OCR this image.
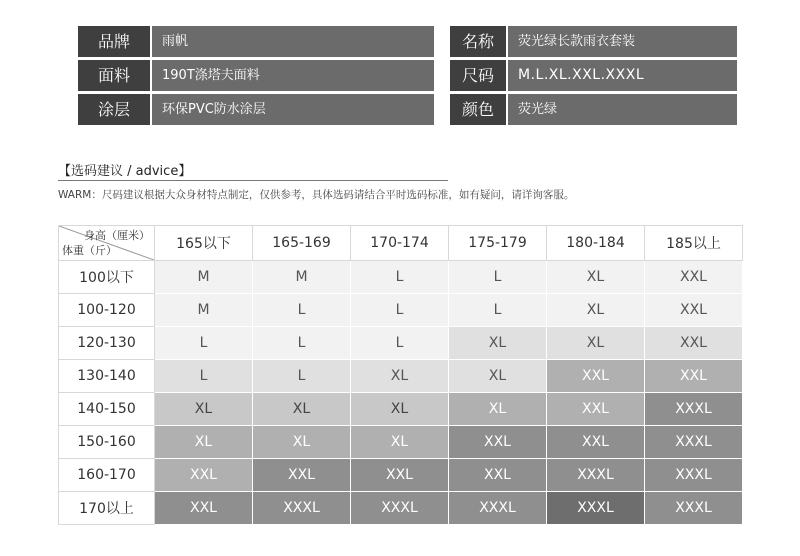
品牌	雨帆	名称	荧光绿长款雨衣套装
面料	190T涤塔夫面料	尺码	M.L.XL.XXL.XXXL
涂层	环保PVC防水涂层	颜色	荧光绿
【选码建议 / advice】
WARM：尺码建议根据大众身材特点制定，仅供参考，具体选码请结合平时选码标准，如有疑问，请详询客服。
身高（厘米）
体重（斤）	165以下	165-169	170-174	175-179	180-184	185以上
100以下	M	M	L	L	XL	XXL
100-120	M	L	L	L	XL	XXL
120-130	L	L	L	XL	XL	XXL
130-140	L	L	XL	XL	XXL	XXL
140-150	XL	XL	XL	XL	XXL	XXXL
150-160	XL	XL	XL	XXL	XXL	XXXL
160-170	XXL	XXL	XXL	XXL	XXXL	XXXL
170以上	XXL	XXXL	XXXL	XXXL	XXXL	XXXL
